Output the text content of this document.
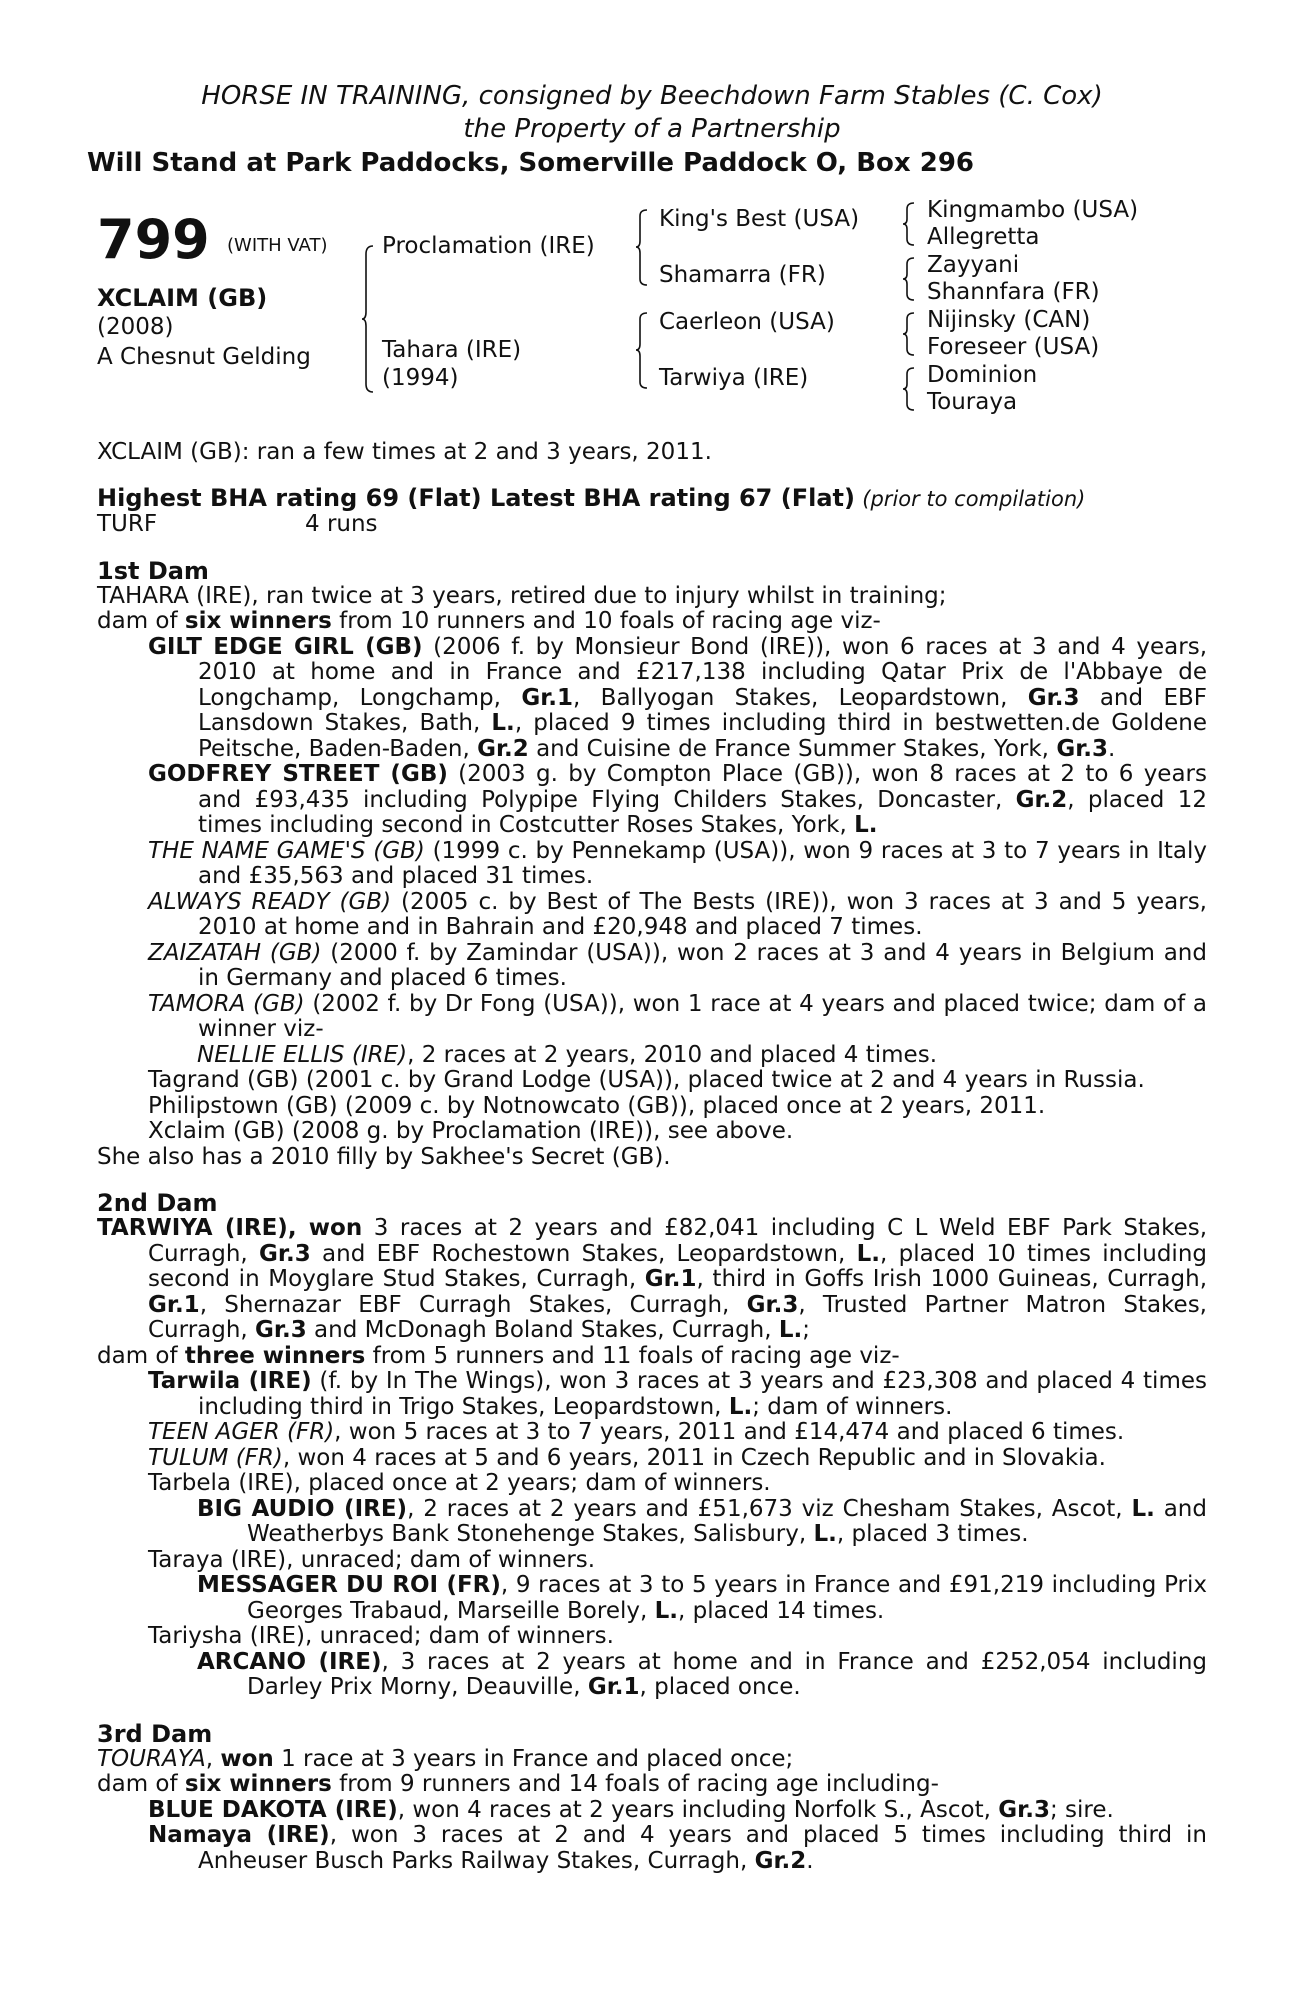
HORSE IN TRAINING, consigned by Beechdown Farm Stables (C. Cox)
the Property of a Partnership
Will Stand at Park Paddocks, Somerville Paddock O, Box 296
799 (WITH VAT)
XCLAIM (GB)
(2008)
A Chesnut Gelding
Proclamation (IRE)
Tahara (IRE)
(1994)
King's Best (USA)
Shamarra (FR)
Caerleon (USA)
Tarwiya (IRE)
Kingmambo (USA)
Allegretta
Zayyani
Shannfara (FR)
Nijinsky (CAN)
Foreseer (USA)
Dominion
Touraya
XCLAIM (GB): ran a few times at 2 and 3 years, 2011.
Highest BHA rating 69 (Flat) Latest BHA rating 67 (Flat) (prior to compilation)
TURF	4 runs
1st Dam
TAHARA (IRE), ran twice at 3 years, retired due to injury whilst in training;
dam of six winners from 10 runners and 10 foals of racing age viz-
GILT EDGE GIRL (GB) (2006 f. by Monsieur Bond (IRE)), won 6 races at 3 and 4 years, 2010 at home and in France and £217,138 including Qatar Prix de l'Abbaye de Longchamp, Longchamp, Gr.1, Ballyogan Stakes, Leopardstown, Gr.3 and EBF Lansdown Stakes, Bath, L., placed 9 times including third in bestwetten.de Goldene Peitsche, Baden-Baden, Gr.2 and Cuisine de France Summer Stakes, York, Gr.3.
GODFREY STREET (GB) (2003 g. by Compton Place (GB)), won 8 races at 2 to 6 years and £93,435 including Polypipe Flying Childers Stakes, Doncaster, Gr.2, placed 12 times including second in Costcutter Roses Stakes, York, L.
THE NAME GAME'S (GB) (1999 c. by Pennekamp (USA)), won 9 races at 3 to 7 years in Italy and £35,563 and placed 31 times.
ALWAYS READY (GB) (2005 c. by Best of The Bests (IRE)), won 3 races at 3 and 5 years, 2010 at home and in Bahrain and £20,948 and placed 7 times.
ZAIZATAH (GB) (2000 f. by Zamindar (USA)), won 2 races at 3 and 4 years in Belgium and in Germany and placed 6 times.
TAMORA (GB) (2002 f. by Dr Fong (USA)), won 1 race at 4 years and placed twice; dam of a winner viz-
NELLIE ELLIS (IRE), 2 races at 2 years, 2010 and placed 4 times.
Tagrand (GB) (2001 c. by Grand Lodge (USA)), placed twice at 2 and 4 years in Russia.
Philipstown (GB) (2009 c. by Notnowcato (GB)), placed once at 2 years, 2011.
Xclaim (GB) (2008 g. by Proclamation (IRE)), see above.
She also has a 2010 filly by Sakhee's Secret (GB).
2nd Dam
TARWIYA (IRE), won 3 races at 2 years and £82,041 including C L Weld EBF Park Stakes, Curragh, Gr.3 and EBF Rochestown Stakes, Leopardstown, L., placed 10 times including second in Moyglare Stud Stakes, Curragh, Gr.1, third in Goffs Irish 1000 Guineas, Curragh, Gr.1, Shernazar EBF Curragh Stakes, Curragh, Gr.3, Trusted Partner Matron Stakes, Curragh, Gr.3 and McDonagh Boland Stakes, Curragh, L.;
dam of three winners from 5 runners and 11 foals of racing age viz-
Tarwila (IRE) (f. by In The Wings), won 3 races at 3 years and £23,308 and placed 4 times including third in Trigo Stakes, Leopardstown, L.; dam of winners.
TEEN AGER (FR), won 5 races at 3 to 7 years, 2011 and £14,474 and placed 6 times.
TULUM (FR), won 4 races at 5 and 6 years, 2011 in Czech Republic and in Slovakia.
Tarbela (IRE), placed once at 2 years; dam of winners.
BIG AUDIO (IRE), 2 races at 2 years and £51,673 viz Chesham Stakes, Ascot, L. and Weatherbys Bank Stonehenge Stakes, Salisbury, L., placed 3 times.
Taraya (IRE), unraced; dam of winners.
MESSAGER DU ROI (FR), 9 races at 3 to 5 years in France and £91,219 including Prix Georges Trabaud, Marseille Borely, L., placed 14 times.
Tariysha (IRE), unraced; dam of winners.
ARCANO (IRE), 3 races at 2 years at home and in France and £252,054 including Darley Prix Morny, Deauville, Gr.1, placed once.
3rd Dam
TOURAYA, won 1 race at 3 years in France and placed once;
dam of six winners from 9 runners and 14 foals of racing age including-
BLUE DAKOTA (IRE), won 4 races at 2 years including Norfolk S., Ascot, Gr.3; sire.
Namaya (IRE), won 3 races at 2 and 4 years and placed 5 times including third in Anheuser Busch Parks Railway Stakes, Curragh, Gr.2.
